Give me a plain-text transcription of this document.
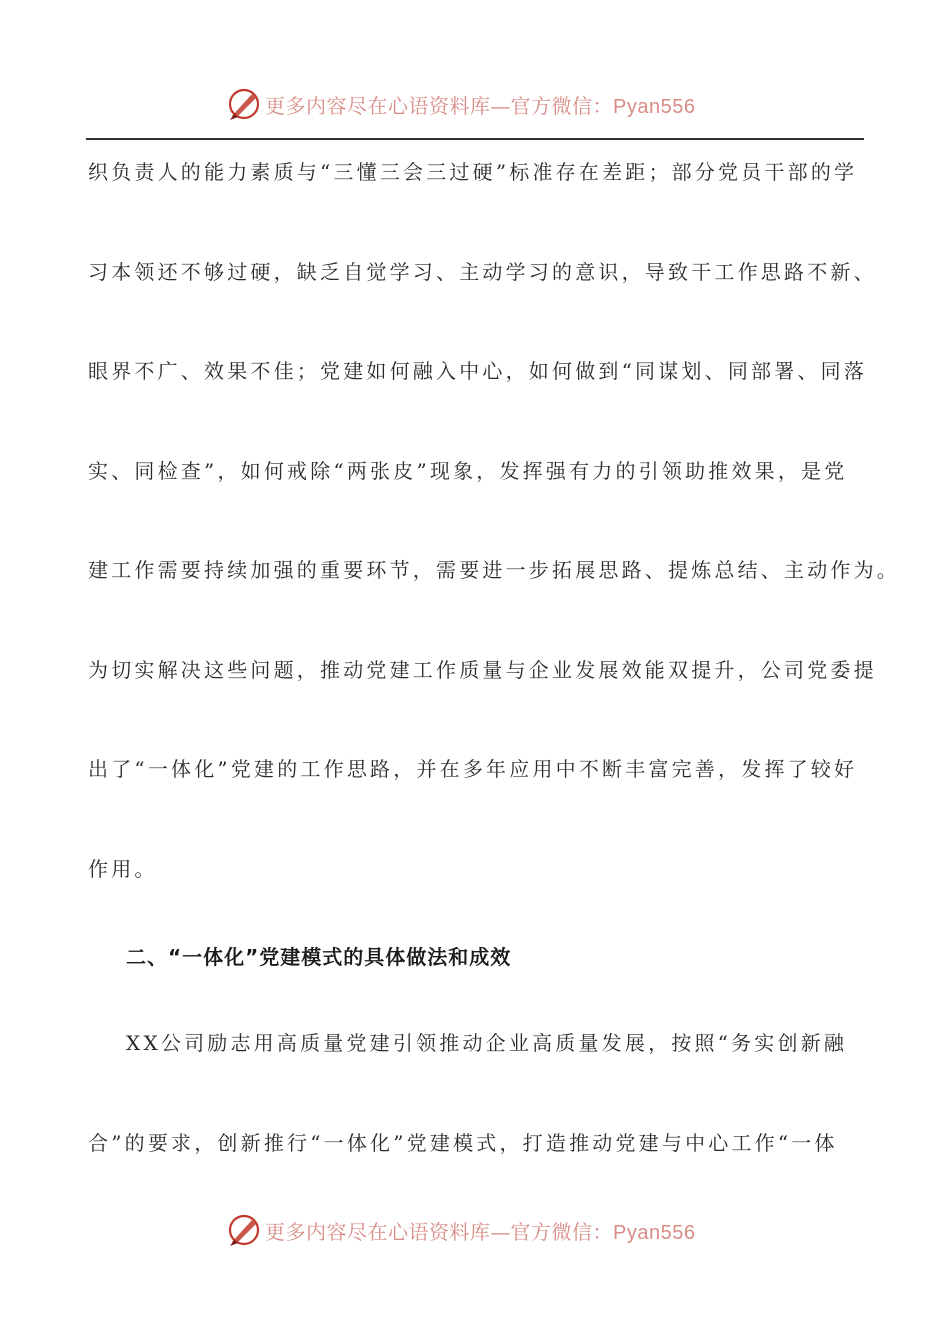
更多内容尽在心语资料库—官方微信：Pyan556
织负责人的能力素质与“三懂三会三过硬”标准存在差距；部分党员干部的学
习本领还不够过硬，缺乏自觉学习、主动学习的意识，导致干工作思路不新、
眼界不广、效果不佳；党建如何融入中心，如何做到“同谋划、同部署、同落
实、同检查”，如何戒除“两张皮”现象，发挥强有力的引领助推效果，是党
建工作需要持续加强的重要环节，需要进一步拓展思路、提炼总结、主动作为。
为切实解决这些问题，推动党建工作质量与企业发展效能双提升，公司党委提
出了“一体化”党建的工作思路，并在多年应用中不断丰富完善，发挥了较好
作用。
二、“一体化”党建模式的具体做法和成效
XX公司励志用高质量党建引领推动企业高质量发展，按照“务实创新融
合”的要求，创新推行“一体化”党建模式，打造推动党建与中心工作“一体
更多内容尽在心语资料库—官方微信：Pyan556
